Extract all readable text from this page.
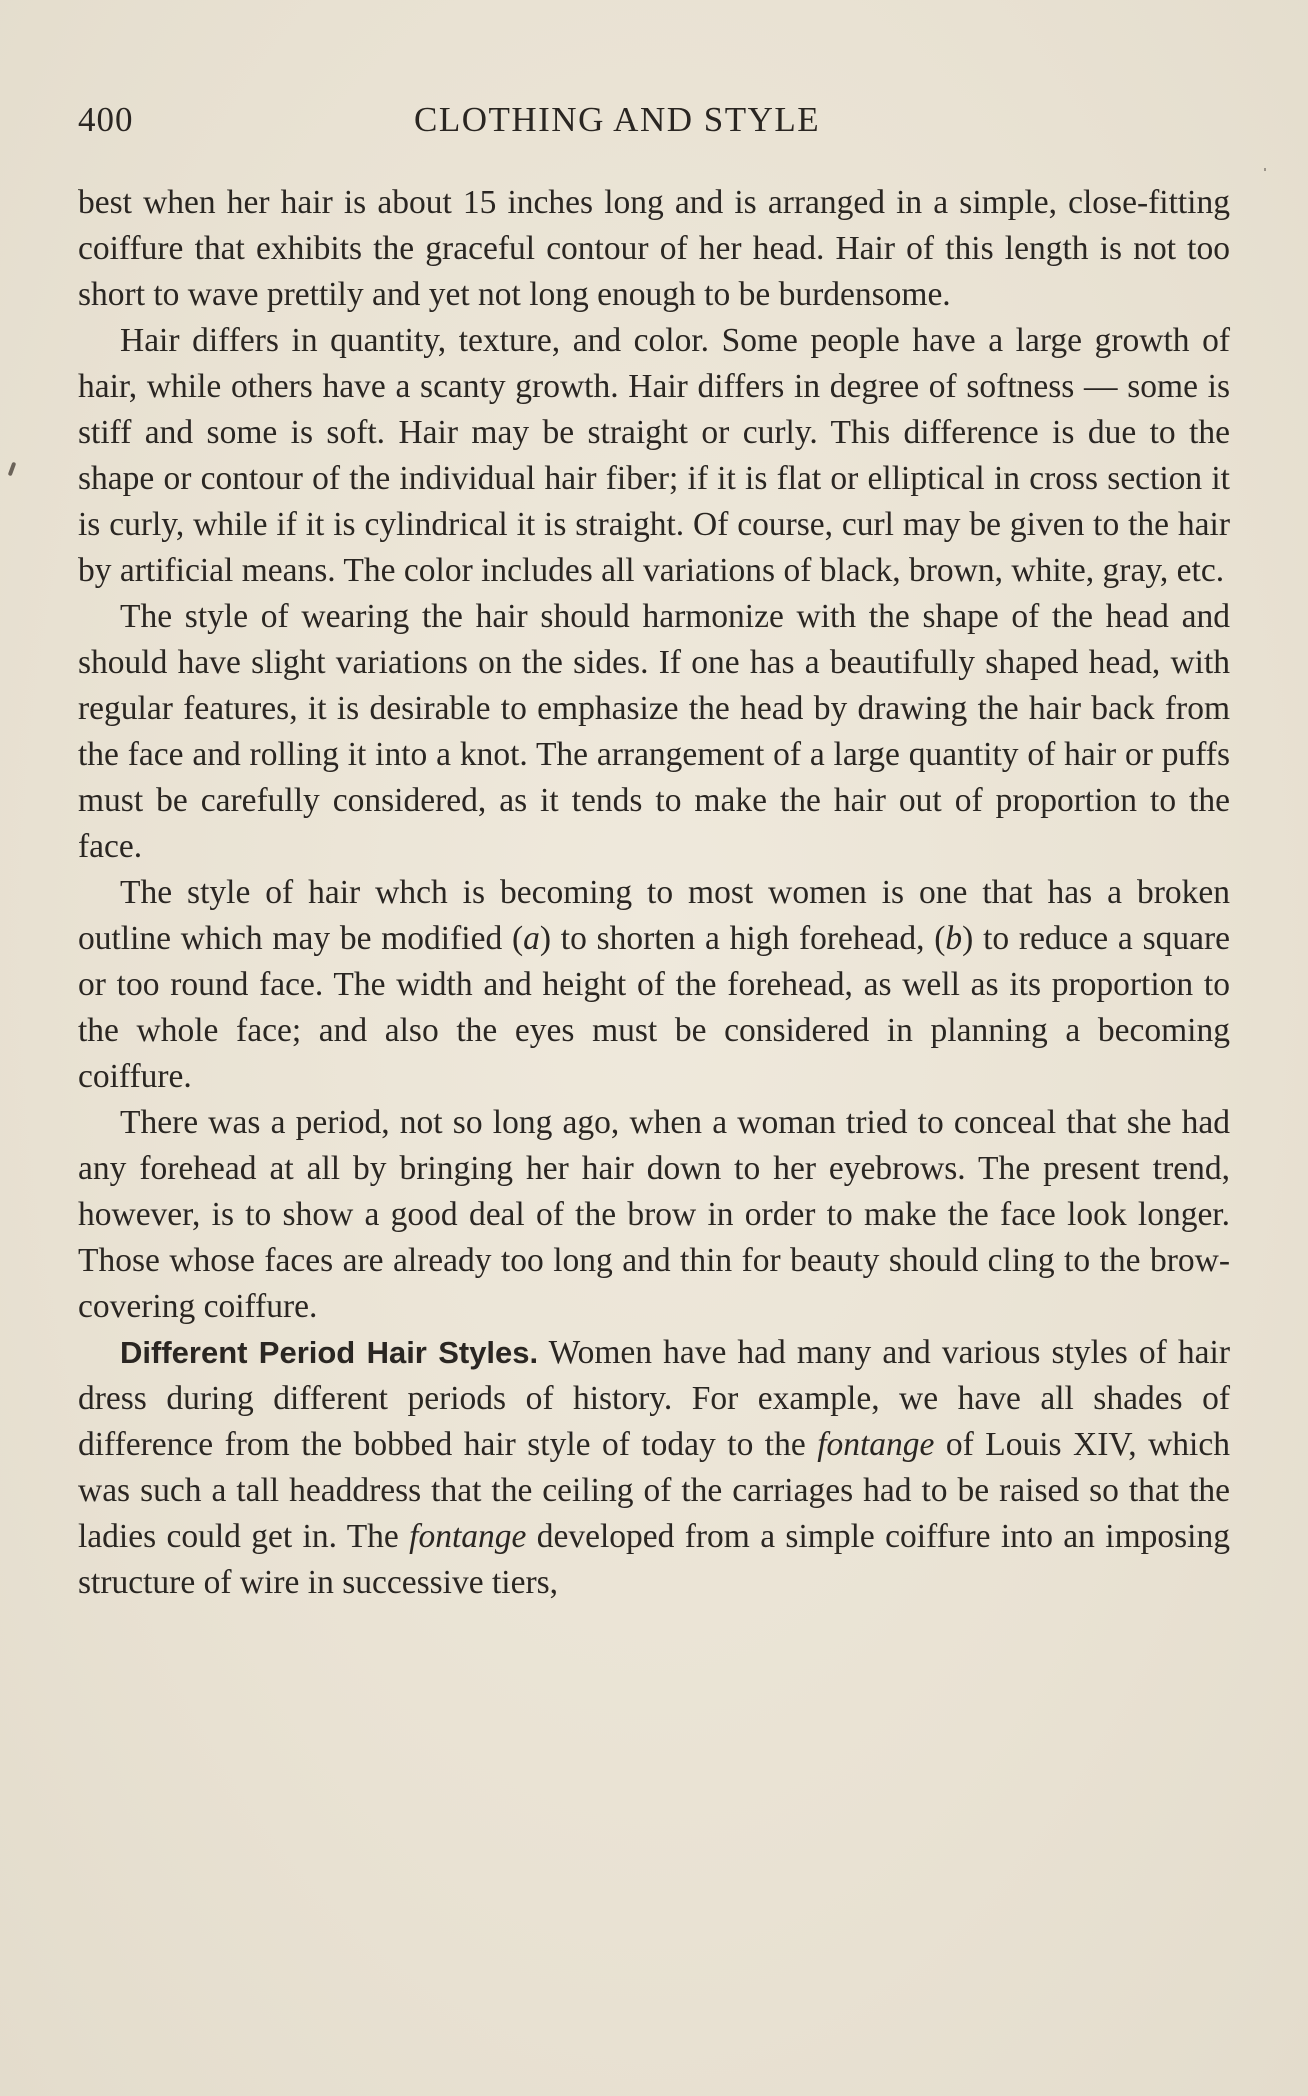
400	CLOTHING AND STYLE

best when her hair is about 15 inches long and is arranged in a simple, close-fitting coiffure that exhibits the graceful contour of her head. Hair of this length is not too short to wave prettily and yet not long enough to be burdensome.

Hair differs in quantity, texture, and color. Some people have a large growth of hair, while others have a scanty growth. Hair differs in degree of softness — some is stiff and some is soft. Hair may be straight or curly. This difference is due to the shape or contour of the individual hair fiber; if it is flat or elliptical in cross section it is curly, while if it is cylindrical it is straight. Of course, curl may be given to the hair by artificial means. The color includes all variations of black, brown, white, gray, etc.

The style of wearing the hair should harmonize with the shape of the head and should have slight variations on the sides. If one has a beautifully shaped head, with regular features, it is desirable to emphasize the head by drawing the hair back from the face and rolling it into a knot. The arrangement of a large quantity of hair or puffs must be carefully considered, as it tends to make the hair out of proportion to the face.

The style of hair whch is becoming to most women is one that has a broken outline which may be modified (a) to shorten a high forehead, (b) to reduce a square or too round face. The width and height of the forehead, as well as its proportion to the whole face; and also the eyes must be considered in planning a becoming coiffure.

There was a period, not so long ago, when a woman tried to conceal that she had any forehead at all by bringing her hair down to her eyebrows. The present trend, however, is to show a good deal of the brow in order to make the face look longer. Those whose faces are already too long and thin for beauty should cling to the brow-covering coiffure.

Different Period Hair Styles. Women have had many and various styles of hair dress during different periods of history. For example, we have all shades of difference from the bobbed hair style of today to the fontange of Louis XIV, which was such a tall headdress that the ceiling of the carriages had to be raised so that the ladies could get in. The fontange developed from a simple coiffure into an imposing structure of wire in successive tiers,
